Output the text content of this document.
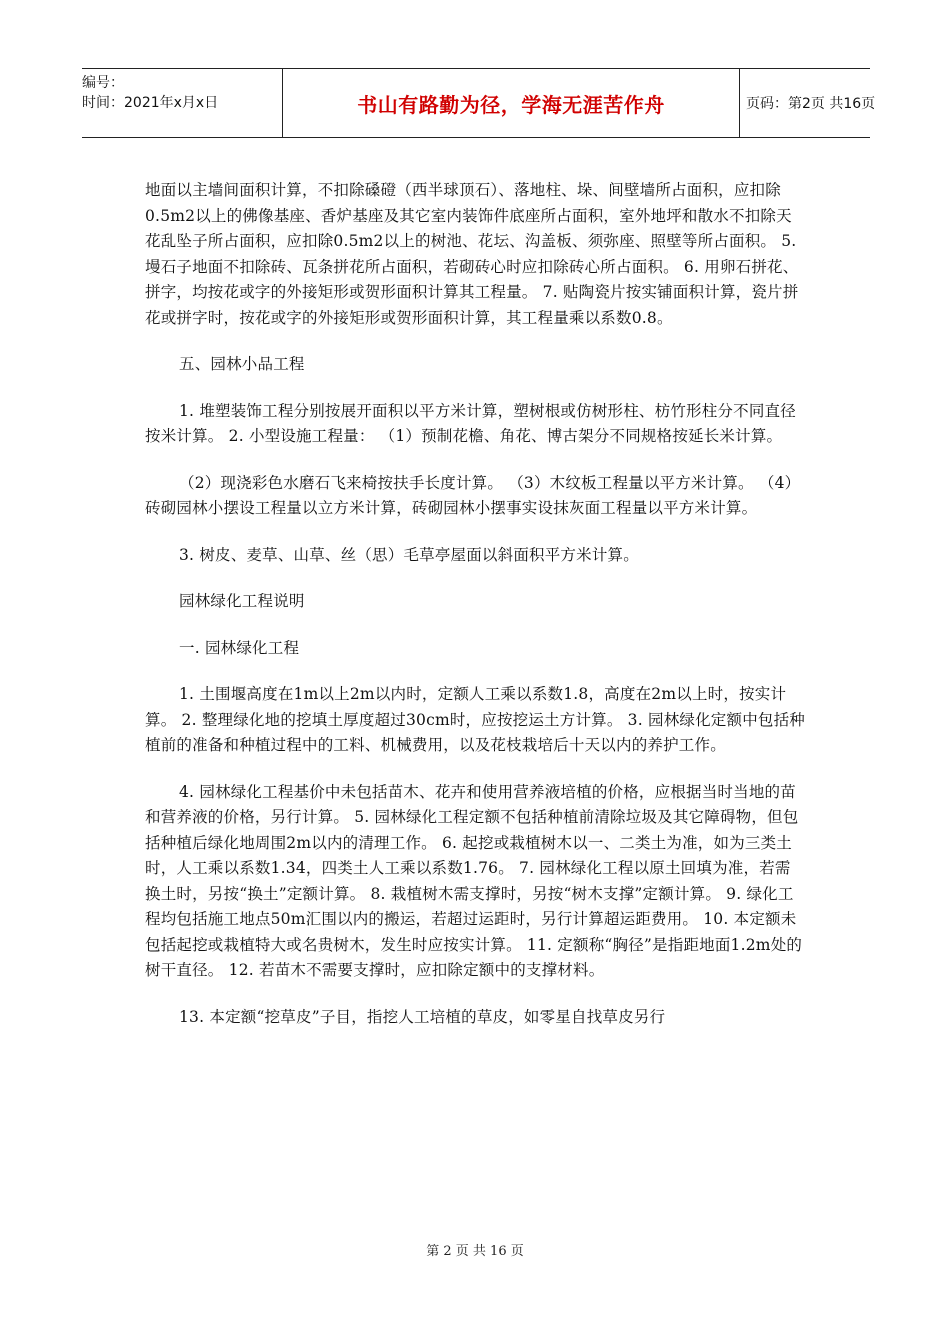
编号：
时间：2021年x月x日	书山有路勤为径，学海无涯苦作舟	页码：第2页 共16页

地面以主墙间面积计算，不扣除磉磴（西半球顶石）、落地柱、垛、间壁墙所占面积，应扣除0.5m2以上的佛像基座、香炉基座及其它室内装饰件底座所占面积，室外地坪和散水不扣除天花乱坠子所占面积，应扣除0.5m2以上的树池、花坛、沟盖板、须弥座、照壁等所占面积。 5. 墁石子地面不扣除砖、瓦条拼花所占面积，若砌砖心时应扣除砖心所占面积。 6. 用卵石拼花、拼字，均按花或字的外接矩形或贺形面积计算其工程量。 7. 贴陶瓷片按实铺面积计算，瓷片拼花或拼字时，按花或字的外接矩形或贺形面积计算，其工程量乘以系数0.8。

五、园林小品工程

1. 堆塑装饰工程分别按展开面积以平方米计算，塑树根或仿树形柱、枋竹形柱分不同直径按米计算。 2. 小型设施工程量： （1）预制花檐、角花、博古架分不同规格按延长米计算。

（2）现浇彩色水磨石飞来椅按扶手长度计算。 （3）木纹板工程量以平方米计算。 （4）砖砌园林小摆设工程量以立方米计算，砖砌园林小摆事实设抹灰面工程量以平方米计算。

3. 树皮、麦草、山草、丝（思）毛草亭屋面以斜面积平方米计算。

园林绿化工程说明

一. 园林绿化工程

1. 土围堰高度在1m以上2m以内时，定额人工乘以系数1.8，高度在2m以上时，按实计算。 2. 整理绿化地的挖填土厚度超过30cm时，应按挖运土方计算。 3. 园林绿化定额中包括种植前的准备和种植过程中的工料、机械费用，以及花枝栽培后十天以内的养护工作。

4. 园林绿化工程基价中未包括苗木、花卉和使用营养液培植的价格，应根据当时当地的苗和营养液的价格，另行计算。 5. 园林绿化工程定额不包括种植前清除垃圾及其它障碍物，但包括种植后绿化地周围2m以内的清理工作。 6. 起挖或栽植树木以一、二类土为准，如为三类土时，人工乘以系数1.34，四类土人工乘以系数1.76。 7. 园林绿化工程以原土回填为准，若需换土时，另按“换土”定额计算。 8. 栽植树木需支撑时，另按“树木支撑”定额计算。 9. 绿化工程均包括施工地点50m汇围以内的搬运，若超过运距时，另行计算超运距费用。 10. 本定额未包括起挖或栽植特大或名贵树木，发生时应按实计算。 11. 定额称“胸径”是指距地面1.2m处的树干直径。 12. 若苗木不需要支撑时，应扣除定额中的支撑材料。

13. 本定额“挖草皮”子目，指挖人工培植的草皮，如零星自找草皮另行

第 2 页 共 16 页
